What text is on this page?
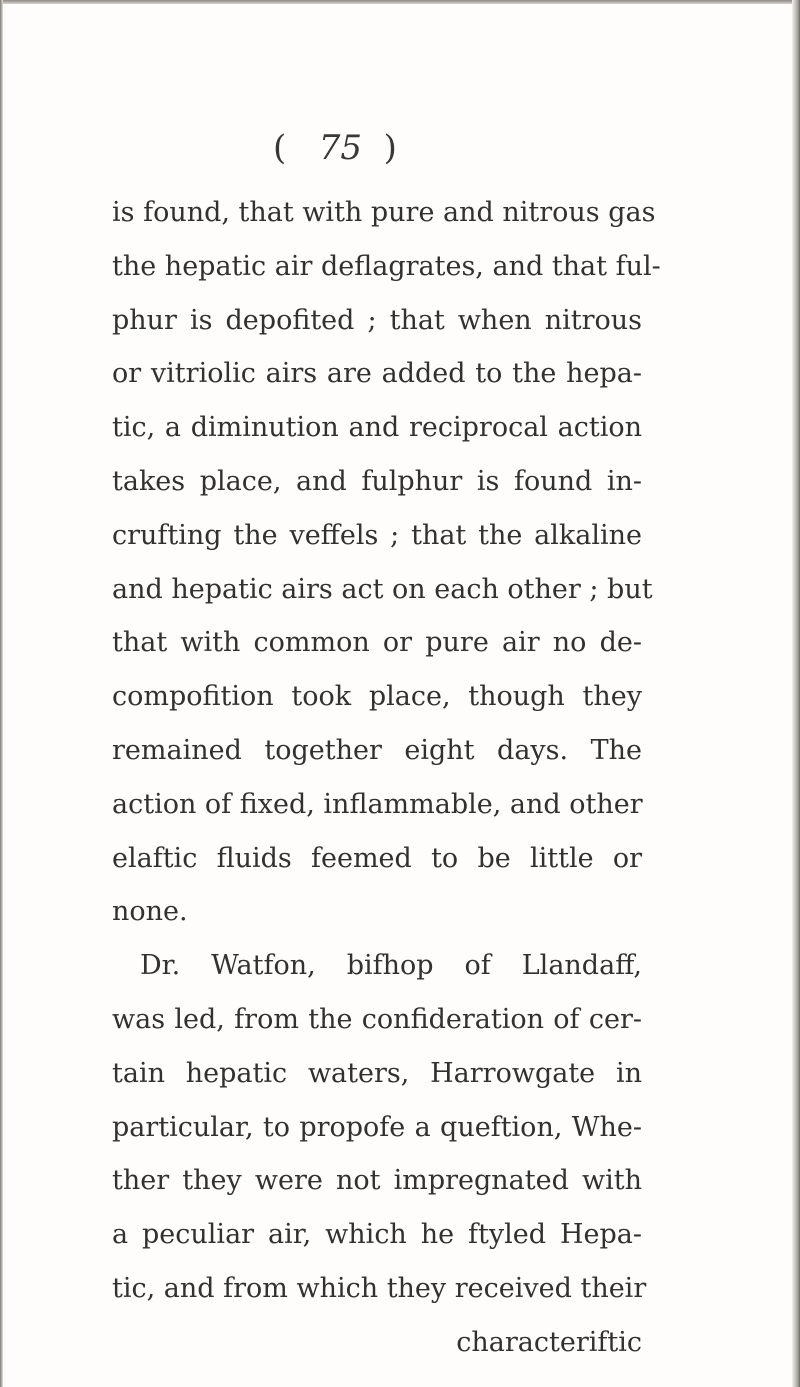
( 75 )
is found, that with pure and nitrous gas
the hepatic air deflagrates, and that ful-
phur is depofited ; that when nitrous
or vitriolic airs are added to the hepa-
tic, a diminution and reciprocal action
takes place, and fulphur is found in-
crufting the veffels ; that the alkaline
and hepatic airs act on each other ; but
that with common or pure air no de-
compofition took place, though they
remained together eight days. The
action of fixed, inflammable, and other
elaftic fluids feemed to be little or
none.
Dr. Watfon, bifhop of Llandaff,
was led, from the confideration of cer-
tain hepatic waters, Harrowgate in
particular, to propofe a queftion, Whe-
ther they were not impregnated with
a peculiar air, which he ftyled Hepa-
tic, and from which they received their
characteriftic
